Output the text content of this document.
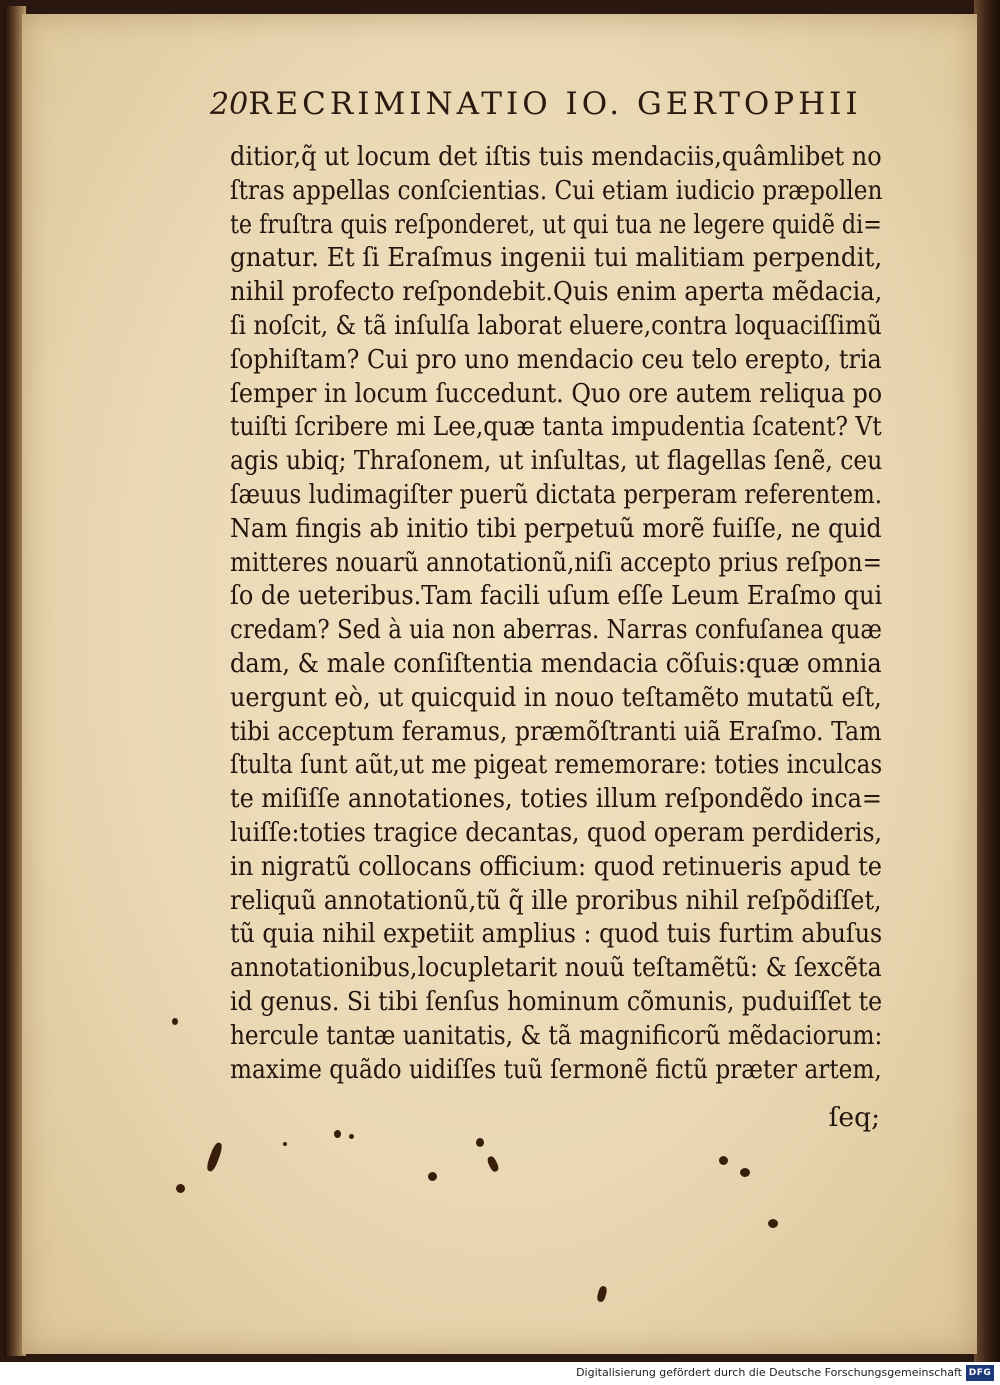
20 RECRIMINATIO IO. GERTOPHII
ditior,q̃ ut locum det iſtis tuis mendaciis,quâmlibet no
ſtras appellas conſcientias. Cui etiam iudicio præpollen
te fruſtra quis reſponderet, ut qui tua ne legere quidẽ di=
gnatur. Et ſi Eraſmus ingenii tui malitiam perpendit,
nihil profecto reſpondebit.Quis enim aperta mẽdacia,
ſi noſcit, & tã inſulſa laborat eluere,contra loquaciſſimũ
ſophiſtam? Cui pro uno mendacio ceu telo erepto, tria
ſemper in locum ſuccedunt. Quo ore autem reliqua po
tuiſti ſcribere mi Lee,quæ tanta impudentia ſcatent? Vt
agis ubiq; Thraſonem, ut inſultas, ut flagellas ſenẽ, ceu
ſæuus ludimagiſter puerũ dictata perperam referentem.
Nam fingis ab initio tibi perpetuũ morẽ fuiſſe, ne quid
mitteres nouarũ annotationũ,niſi accepto prius reſpon=
ſo de ueteribus.Tam facili uſum eſſe Leum Eraſmo qui
credam? Sed à uia non aberras. Narras confuſanea quæ
dam, & male conſiſtentia mendacia cõſuis:quæ omnia
uergunt eò, ut quicquid in nouo teſtamẽto mutatũ eſt,
tibi acceptum feramus, præmõſtranti uiã Eraſmo. Tam
ſtulta ſunt aũt,ut me pigeat rememorare: toties inculcas
te miſiſſe annotationes, toties illum reſpondẽdo inca=
luiſſe:toties tragice decantas, quod operam perdideris,
in nigratũ collocans officium: quod retinueris apud te
reliquũ annotationũ,tũ q̃ ille proribus nihil reſpõdiſſet,
tũ quia nihil expetiit amplius : quod tuis furtim abuſus
annotationibus,locupletarit nouũ teſtamẽtũ: & ſexcẽta
id genus. Si tibi ſenſus hominum cõmunis, puduiſſet te
hercule tantæ uanitatis, & tã magnificorũ mẽdaciorum:
maxime quãdo uidiſſes tuũ ſermonẽ fictũ præter artem,
ſeq;
Digitalisierung gefördert durch die Deutsche Forschungsgemeinschaft DFG
